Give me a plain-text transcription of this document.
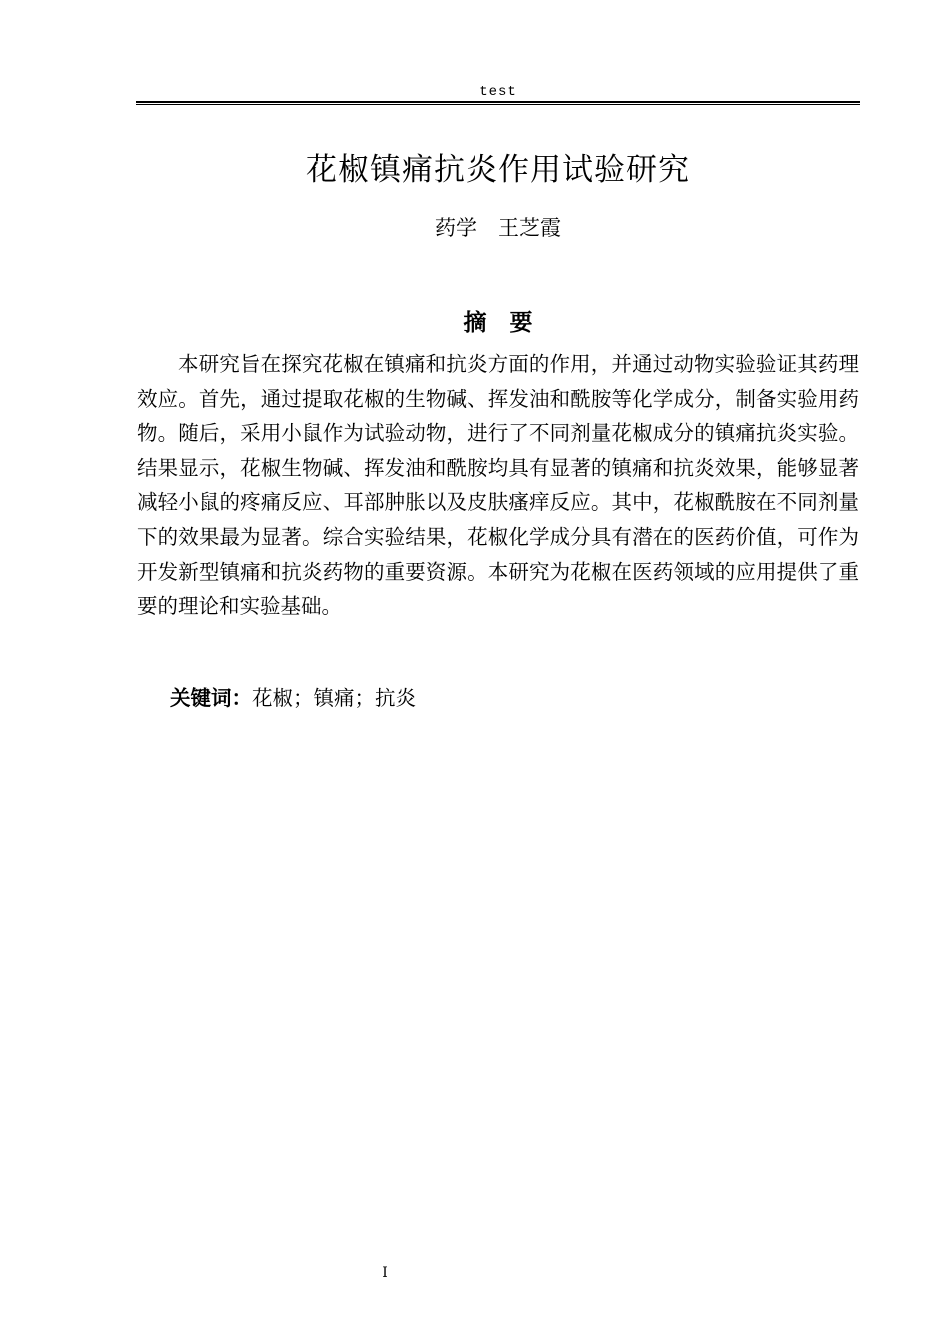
test
花椒镇痛抗炎作用试验研究
药学　王芝霞
摘　要

本研究旨在探究花椒在镇痛和抗炎方面的作用，并通过动物实验验证其药理效应。首先，通过提取花椒的生物碱、挥发油和酰胺等化学成分，制备实验用药物。随后，采用小鼠作为试验动物，进行了不同剂量花椒成分的镇痛抗炎实验。结果显示，花椒生物碱、挥发油和酰胺均具有显著的镇痛和抗炎效果，能够显著减轻小鼠的疼痛反应、耳部肿胀以及皮肤瘙痒反应。其中，花椒酰胺在不同剂量下的效果最为显著。综合实验结果，花椒化学成分具有潜在的医药价值，可作为开发新型镇痛和抗炎药物的重要资源。本研究为花椒在医药领域的应用提供了重要的理论和实验基础。

关键词：花椒；镇痛；抗炎
I
